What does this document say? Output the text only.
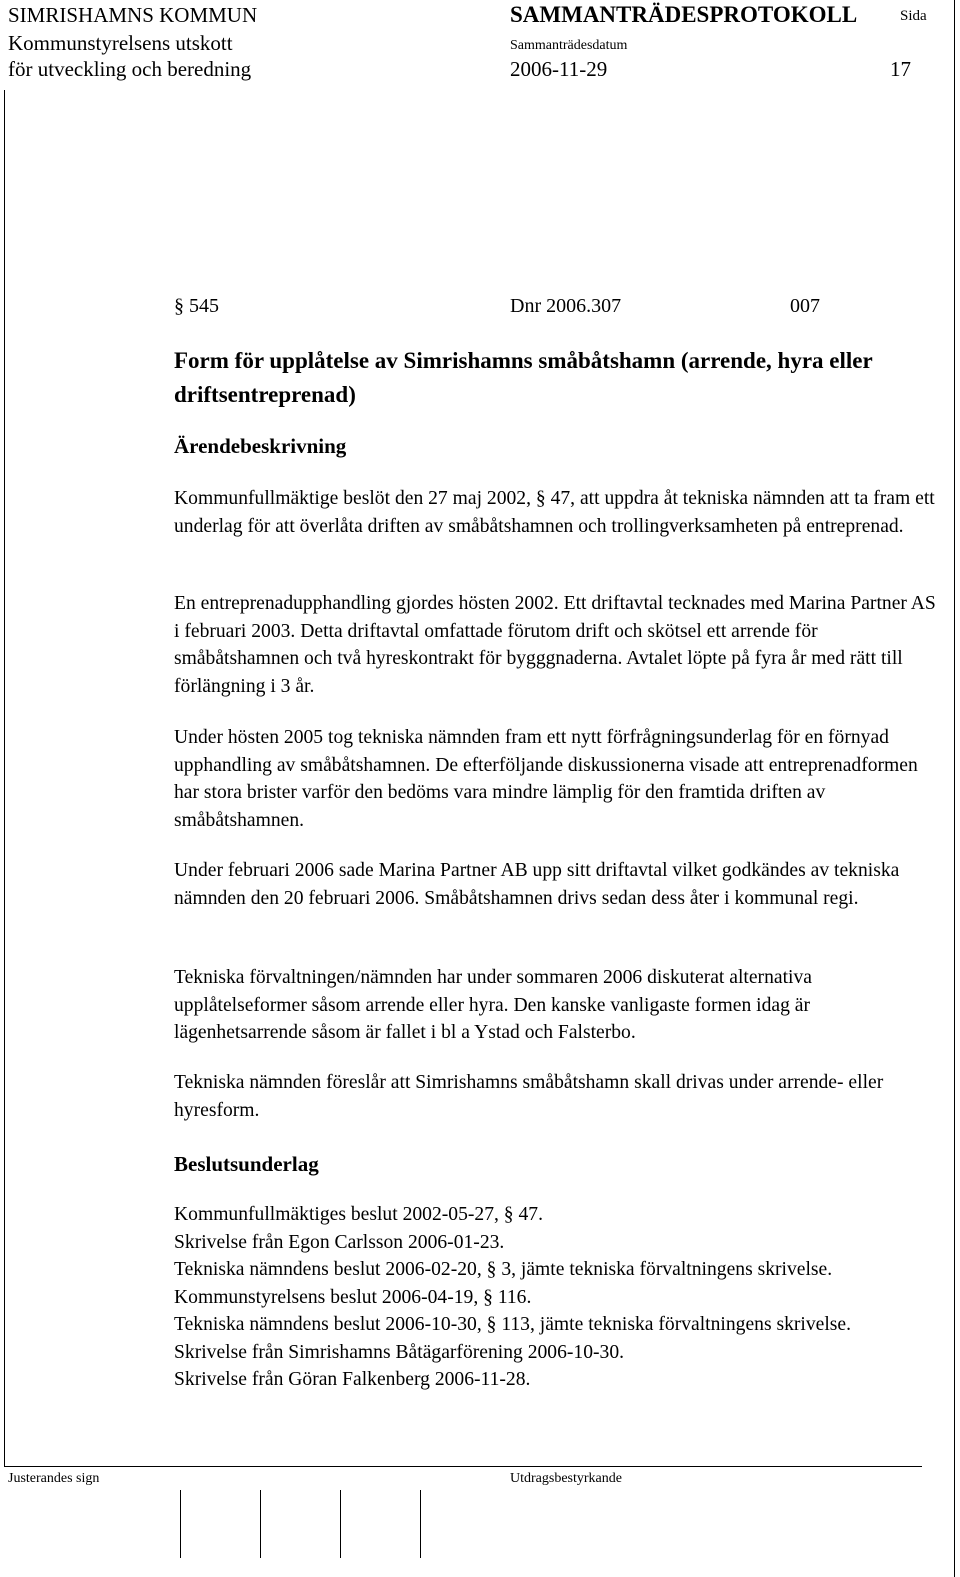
SIMRISHAMNS KOMMUN
Kommunstyrelsens utskott
för utveckling och beredning
SAMMANTRÄDESPROTOKOLL	Sida
Sammanträdesdatum
2006-11-29	17
§ 545	Dnr 2006.307	007
Form för upplåtelse av Simrishamns småbåtshamn (arrende, hyra eller driftsentreprenad)
Ärendebeskrivning

Kommunfullmäktige beslöt den 27 maj 2002, § 47, att uppdra åt tekniska nämnden att ta fram ett underlag för att överlåta driften av småbåtshamnen och trollingverksamheten på entreprenad.

En entreprenadupphandling gjordes hösten 2002. Ett driftavtal tecknades med Marina Partner AS i februari 2003. Detta driftavtal omfattade förutom drift och skötsel ett arrende för småbåtshamnen och två hyreskontrakt för bygggnaderna. Avtalet löpte på fyra år med rätt till förlängning i 3 år.

Under hösten 2005 tog tekniska nämnden fram ett nytt förfrågningsunderlag för en förnyad upphandling av småbåtshamnen. De efterföljande diskussionerna visade att entreprenadformen har stora brister varför den bedöms vara mindre lämplig för den framtida driften av småbåtshamnen.

Under februari 2006 sade Marina Partner AB upp sitt driftavtal vilket godkändes av tekniska nämnden den 20 februari 2006. Småbåtshamnen drivs sedan dess åter i kommunal regi.

Tekniska förvaltningen/nämnden har under sommaren 2006 diskuterat alternativa upplåtelseformer såsom arrende eller hyra. Den kanske vanligaste formen idag är lägenhetsarrende såsom är fallet i bl a Ystad och Falsterbo.

Tekniska nämnden föreslår att Simrishamns småbåtshamn skall drivas under arrende- eller hyresform.

Beslutsunderlag
Kommunfullmäktiges beslut 2002-05-27, § 47.
Skrivelse från Egon Carlsson 2006-01-23.
Tekniska nämndens beslut 2006-02-20, § 3, jämte tekniska förvaltningens skrivelse.
Kommunstyrelsens beslut 2006-04-19, § 116.
Tekniska nämndens beslut 2006-10-30, § 113, jämte tekniska förvaltningens skrivelse.
Skrivelse från Simrishamns Båtägarförening 2006-10-30.
Skrivelse från Göran Falkenberg 2006-11-28.
Justerandes sign	Utdragsbestyrkande
